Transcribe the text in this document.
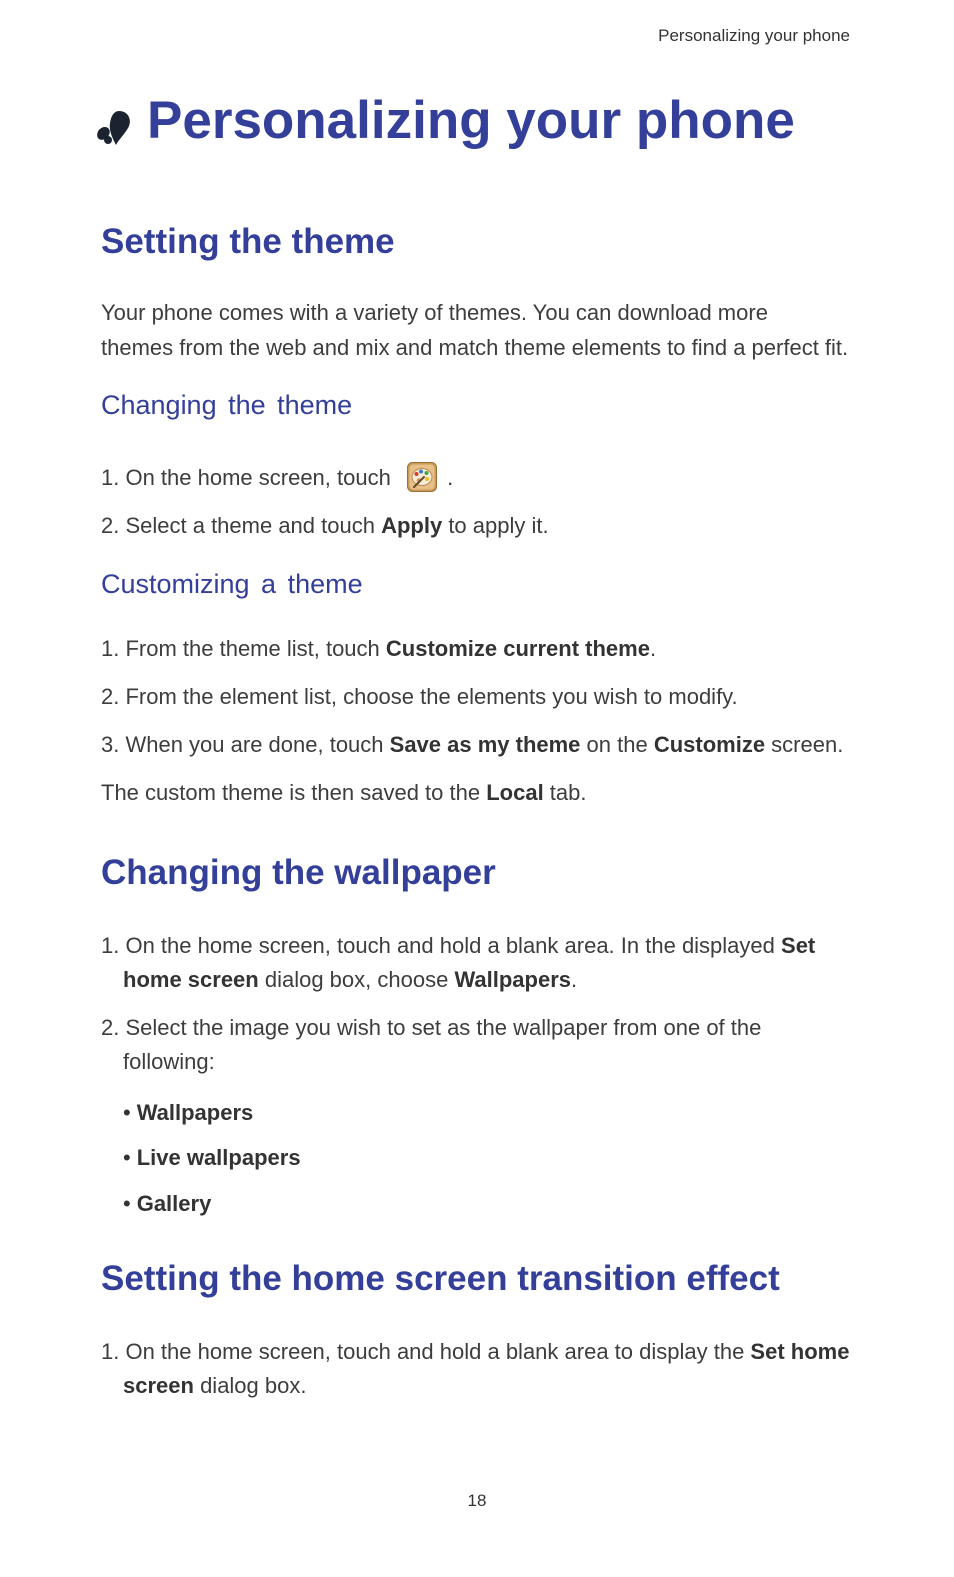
Personalizing your phone
Personalizing your phone
Setting the theme

Your phone comes with a variety of themes. You can download more

themes from the web and mix and match theme elements to find a perfect fit.

Changing the theme

1. On the home screen, touch	.

2. Select a theme and touch Apply to apply it.

Customizing a theme

1. From the theme list, touch Customize current theme.

2. From the element list, choose the elements you wish to modify.

3. When you are done, touch Save as my theme on the Customize screen.

The custom theme is then saved to the Local tab.

Changing the wallpaper

1. On the home screen, touch and hold a blank area. In the displayed Set

home screen dialog box, choose Wallpapers.

2. Select the image you wish to set as the wallpaper from one of the

following:

• Wallpapers
• Live wallpapers
• Gallery
Setting the home screen transition effect

1. On the home screen, touch and hold a blank area to display the Set home

screen dialog box.

18
